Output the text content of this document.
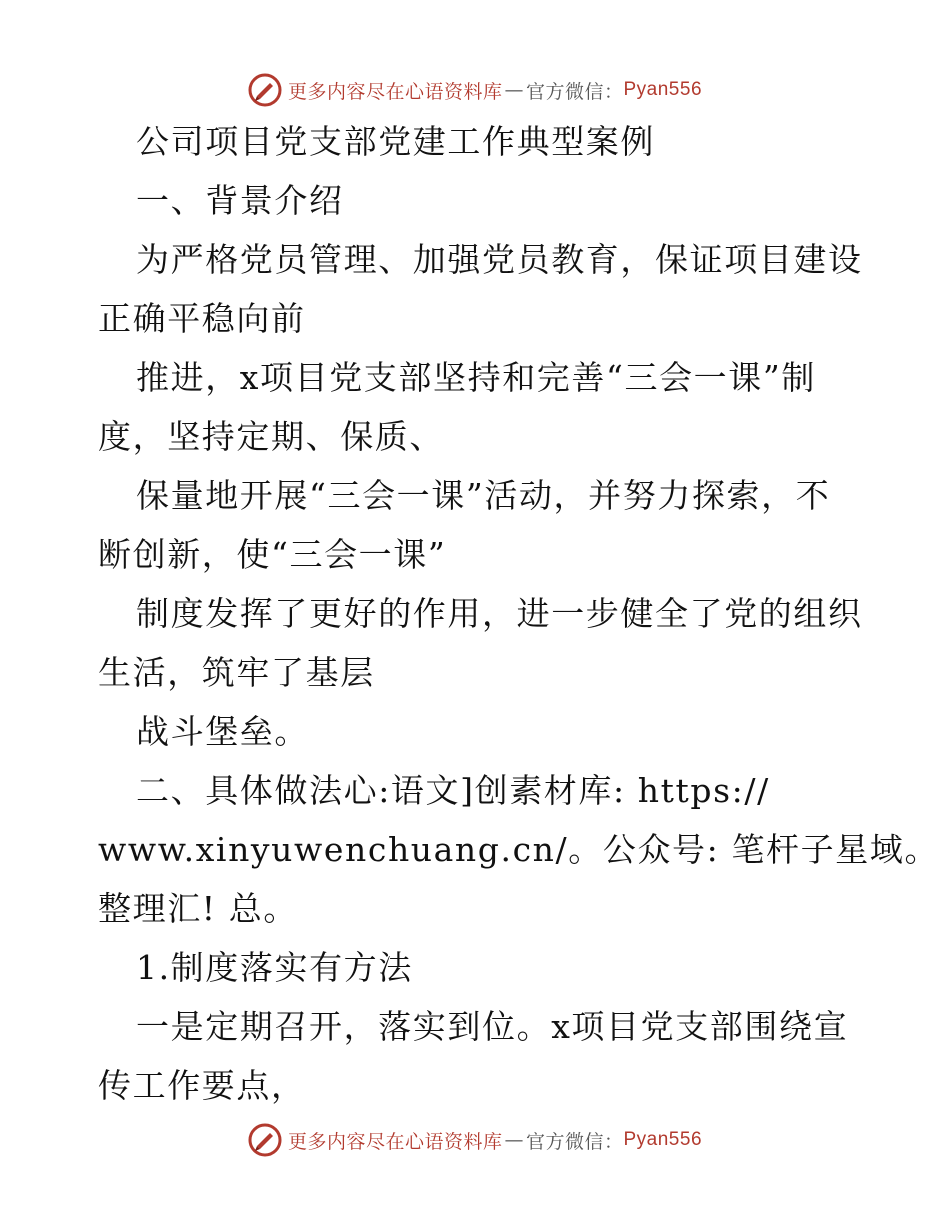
更多内容尽在心语资料库 — 官方微信： Pyan556
公司项目党支部党建工作典型案例
一、背景介绍
为严格党员管理、加强党员教育，保证项目建设
正确平稳向前
推进，x项目党支部坚持和完善“三会一课”制
度，坚持定期、保质、
保量地开展“三会一课”活动，并努力探索，不
断创新，使“三会一课”
制度发挥了更好的作用，进一步健全了党的组织
生活，筑牢了基层
战斗堡垒。
二、具体做法心:语文]创素材库: https://
www.xinyuwenchuang.cn/。公众号: 笔杆子星域。
整理汇! 总。
1.制度落实有方法
一是定期召开，落实到位。x项目党支部围绕宣
传工作要点，
更多内容尽在心语资料库 — 官方微信： Pyan556
